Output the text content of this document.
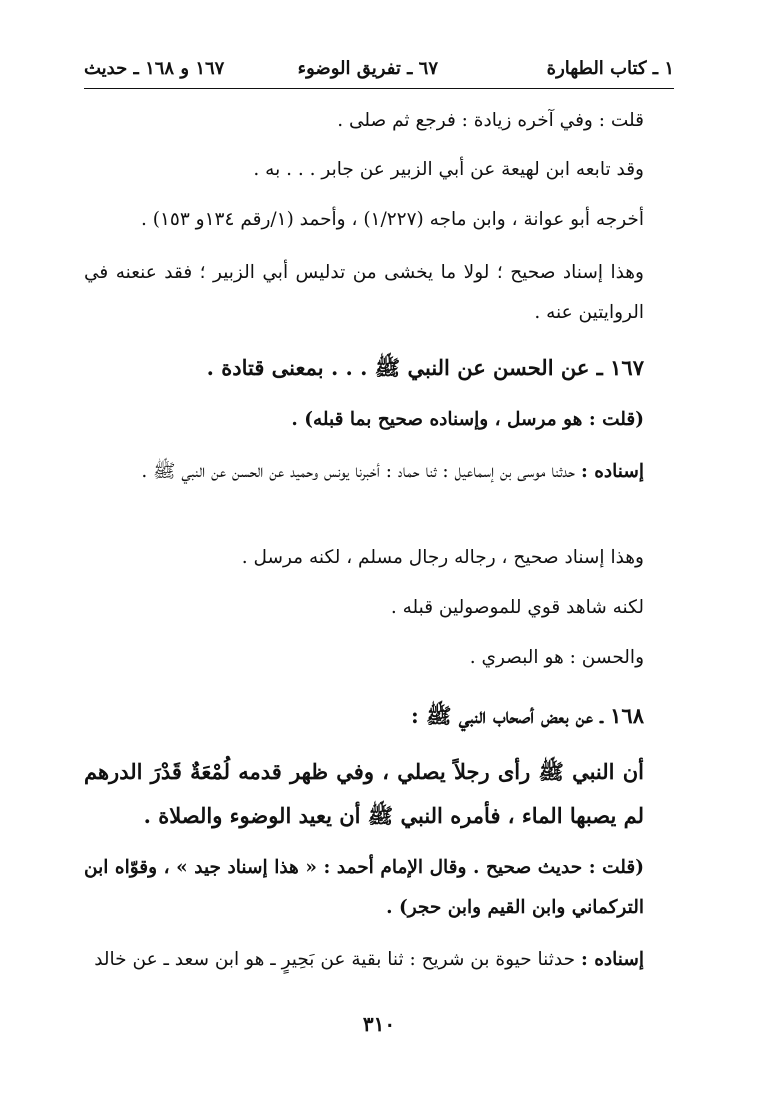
١ ـ كتاب الطهارة
٦٧ ـ تفريق الوضوء
١٦٧ و ١٦٨ ـ حديث

قلت : وفي آخره زيادة : فرجع ثم صلى .

وقد تابعه ابن لهيعة عن أبي الزبير عن جابر . . . به .

أخرجه أبو عوانة ، وابن ماجه (١/٢٢٧) ، وأحمد (١/رقم ١٣٤و ١٥٣) .

وهذا إسناد صحيح ؛ لولا ما يخشى من تدليس أبي الزبير ؛ فقد عنعنه في الروايتين عنه .

١٦٧ ـ عن الحسن عن النبي ﷺ . . . بمعنى قتادة .

(قلت : هو مرسل ، وإسناده صحيح بما قبله) .

إسناده : حدثنا موسى بن إسماعيل : ثنا حماد : أخبرنا يونس وحميد عن الحسن عن النبي ﷺ .

وهذا إسناد صحيح ، رجاله رجال مسلم ، لكنه مرسل .

لكنه شاهد قوي للموصولين قبله .

والحسن : هو البصري .

١٦٨ ـ عن بعض أصحاب النبي ﷺ :

أن النبي ﷺ رأى رجلاً يصلي ، وفي ظهر قدمه لُمْعَةٌ قَدْرَ الدرهم لم يصبها الماء ، فأمره النبي ﷺ أن يعيد الوضوء والصلاة .

(قلت : حديث صحيح . وقال الإمام أحمد : « هذا إسناد جيد » ، وقوّاه ابن التركماني وابن القيم وابن حجر) .

إسناده : حدثنا حيوة بن شريح : ثنا بقية عن بَحِيرٍ ـ هو ابن سعد ـ عن خالد

٣١٠
